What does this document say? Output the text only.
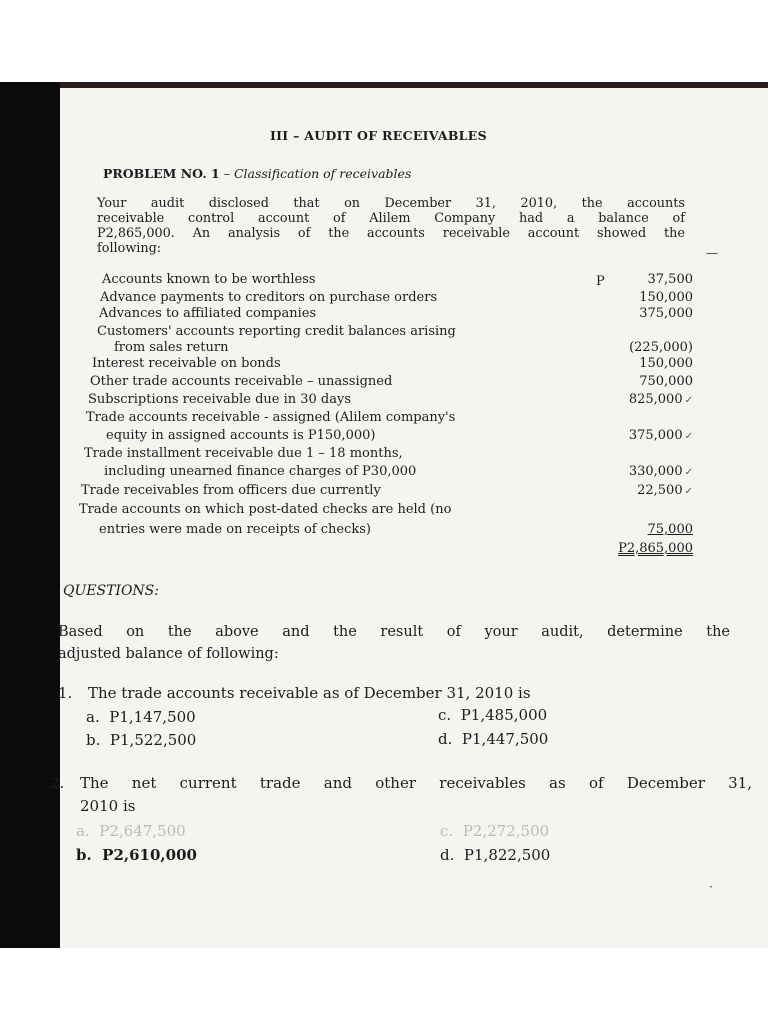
III – AUDIT OF RECEIVABLES
PROBLEM NO. 1 – Classification of receivables
Your audit disclosed that on December 31, 2010, the accounts
receivable control account of Alilem Company had a balance of
P2,865,000. An analysis of the accounts receivable account showed the
following:	—
P
Accounts known to be worthless	37,500
Advance payments to creditors on purchase orders	150,000
Advances to affiliated companies	375,000
Customers' accounts reporting credit balances arising
from sales return	(225,000)
Interest receivable on bonds	150,000
Other trade accounts receivable – unassigned	750,000
Subscriptions receivable due in 30 days	825,000 ✓
Trade accounts receivable - assigned (Alilem company's
equity in assigned accounts is P150,000)	375,000 ✓
Trade installment receivable due 1 – 18 months,
including unearned finance charges of P30,000	330,000 ✓
Trade receivables from officers due currently	22,500 ✓
Trade accounts on which post-dated checks are held (no
entries were made on receipts of checks)	75,000
P2,865,000
QUESTIONS:
Based on the above and the result of your audit, determine the
adjusted balance of following:
1. The trade accounts receivable as of December 31, 2010 is
a. P1,147,500
b. P1,522,500
c. P1,485,000
d. P1,447,500
2. The net current trade and other receivables as of December 31,
2010 is
a. P2,647,500
b. P2,610,000
c. P2,272,500
d. P1,822,500
·
